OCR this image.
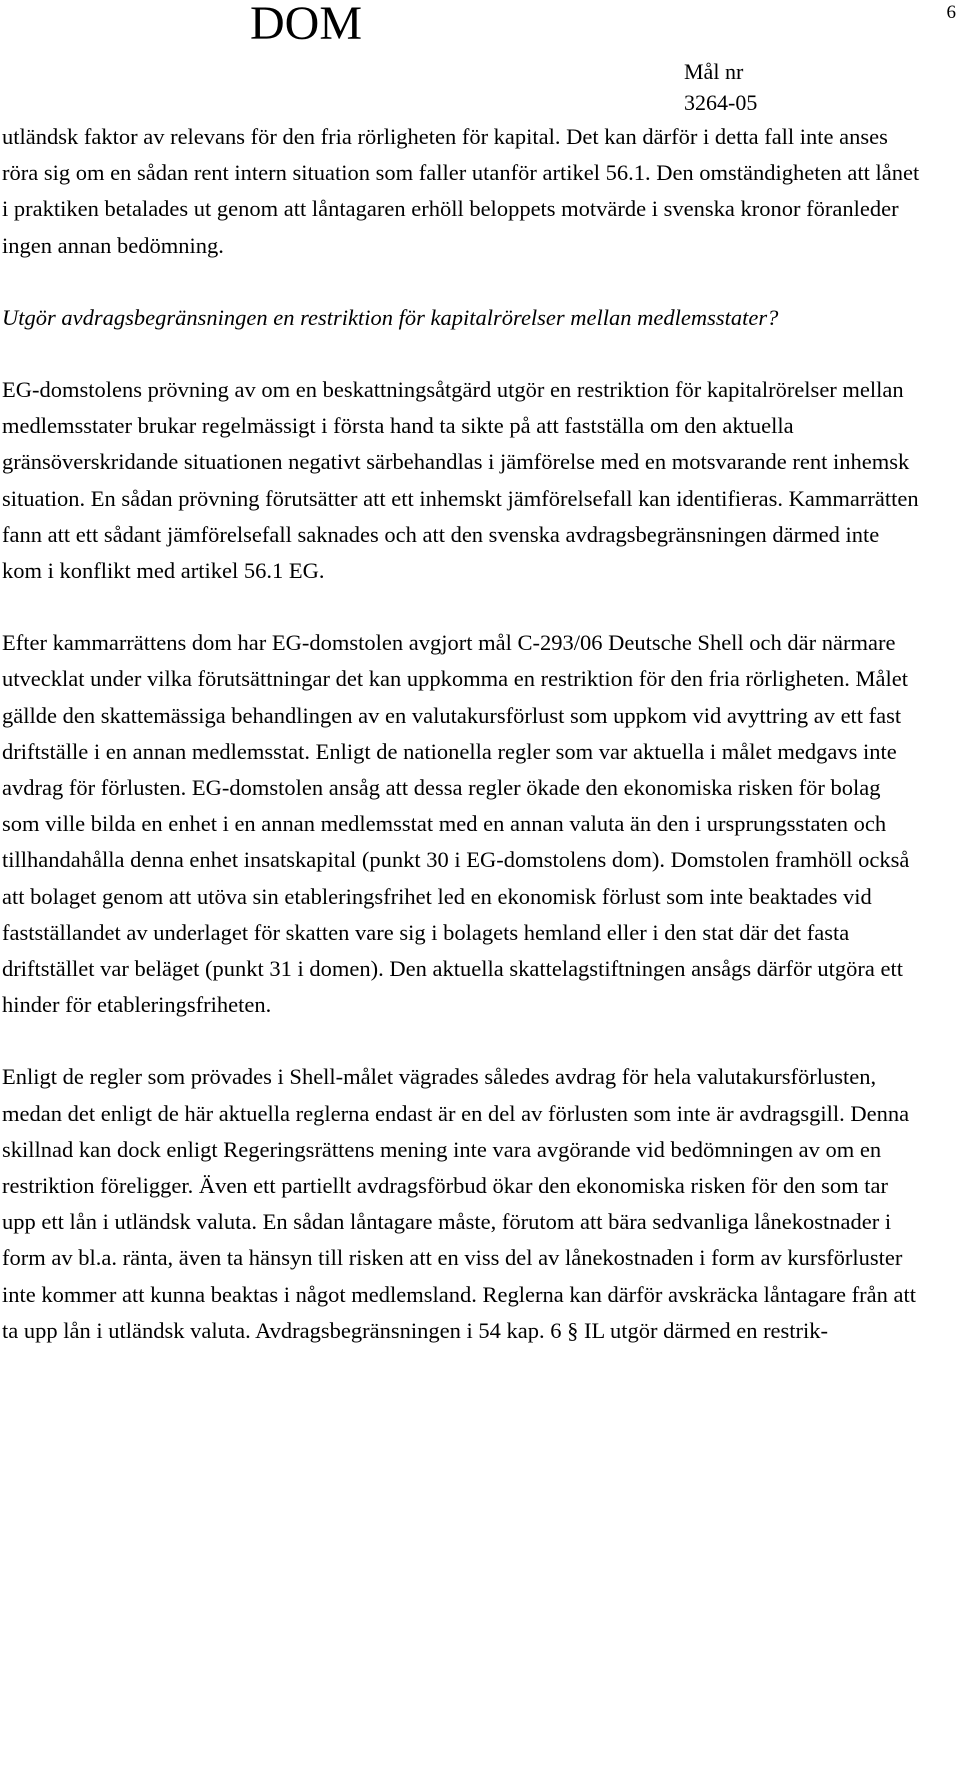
DOM	6
Mål nr
3264-05

utländsk faktor av relevans för den fria rörligheten för kapital. Det kan därför i detta fall inte anses röra sig om en sådan rent intern situation som faller utanför artikel 56.1. Den omständigheten att lånet i praktiken betalades ut genom att låntagaren erhöll beloppets motvärde i svenska kronor föranleder ingen annan bedömning.

Utgör avdragsbegränsningen en restriktion för kapitalrörelser mellan medlemsstater?

EG-domstolens prövning av om en beskattningsåtgärd utgör en restriktion för kapitalrörelser mellan medlemsstater brukar regelmässigt i första hand ta sikte på att fastställa om den aktuella gränsöverskridande situationen negativt särbehandlas i jämförelse med en motsvarande rent inhemsk situation. En sådan prövning förutsätter att ett inhemskt jämförelsefall kan identifieras. Kammarrätten fann att ett sådant jämförelsefall saknades och att den svenska avdragsbegränsningen därmed inte kom i konflikt med artikel 56.1 EG.

Efter kammarrättens dom har EG-domstolen avgjort mål C-293/06 Deutsche Shell och där närmare utvecklat under vilka förutsättningar det kan uppkomma en restriktion för den fria rörligheten. Målet gällde den skattemässiga behandlingen av en valutakursförlust som uppkom vid avyttring av ett fast driftställe i en annan medlemsstat. Enligt de nationella regler som var aktuella i målet medgavs inte avdrag för förlusten. EG-domstolen ansåg att dessa regler ökade den ekonomiska risken för bolag som ville bilda en enhet i en annan medlemsstat med en annan valuta än den i ursprungsstaten och tillhandahålla denna enhet insatskapital (punkt 30 i EG-domstolens dom). Domstolen framhöll också att bolaget genom att utöva sin etableringsfrihet led en ekonomisk förlust som inte beaktades vid fastställandet av underlaget för skatten vare sig i bolagets hemland eller i den stat där det fasta driftstället var beläget (punkt 31 i domen). Den aktuella skattelagstiftningen ansågs därför utgöra ett hinder för etableringsfriheten.

Enligt de regler som prövades i Shell-målet vägrades således avdrag för hela valutakursförlusten, medan det enligt de här aktuella reglerna endast är en del av förlusten som inte är avdragsgill. Denna skillnad kan dock enligt Regeringsrättens mening inte vara avgörande vid bedömningen av om en restriktion föreligger. Även ett partiellt avdragsförbud ökar den ekonomiska risken för den som tar upp ett lån i utländsk valuta. En sådan låntagare måste, förutom att bära sedvanliga lånekostnader i form av bl.a. ränta, även ta hänsyn till risken att en viss del av lånekostnaden i form av kursförluster inte kommer att kunna beaktas i något medlemsland. Reglerna kan därför avskräcka låntagare från att ta upp lån i utländsk valuta. Avdragsbegränsningen i 54 kap. 6 § IL utgör därmed en restrik-
